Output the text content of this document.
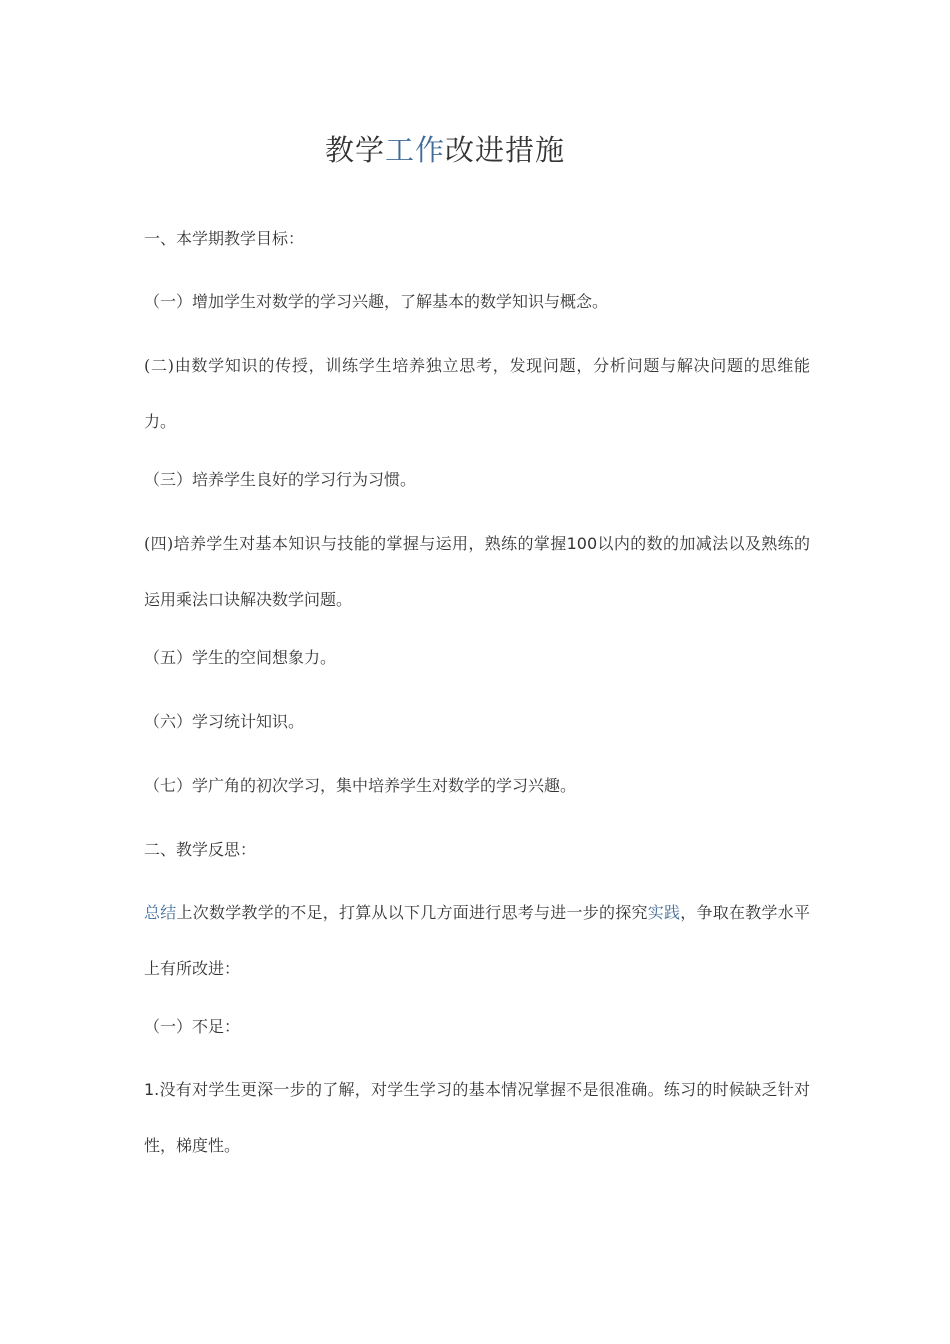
教学工作改进措施
一、本学期教学目标：
（一）增加学生对数学的学习兴趣，了解基本的数学知识与概念。
(二)由数学知识的传授，训练学生培养独立思考，发现问题，分析问题与解决问题的思维能力。
（三）培养学生良好的学习行为习惯。
(四)培养学生对基本知识与技能的掌握与运用，熟练的掌握100以内的数的加减法以及熟练的运用乘法口诀解决数学问题。
（五）学生的空间想象力。
（六）学习统计知识。
（七）学广角的初次学习，集中培养学生对数学的学习兴趣。
二、教学反思：
总结上次数学教学的不足，打算从以下几方面进行思考与进一步的探究实践，争取在教学水平上有所改进：
（一）不足：
1.没有对学生更深一步的了解，对学生学习的基本情况掌握不是很准确。练习的时候缺乏针对性，梯度性。
